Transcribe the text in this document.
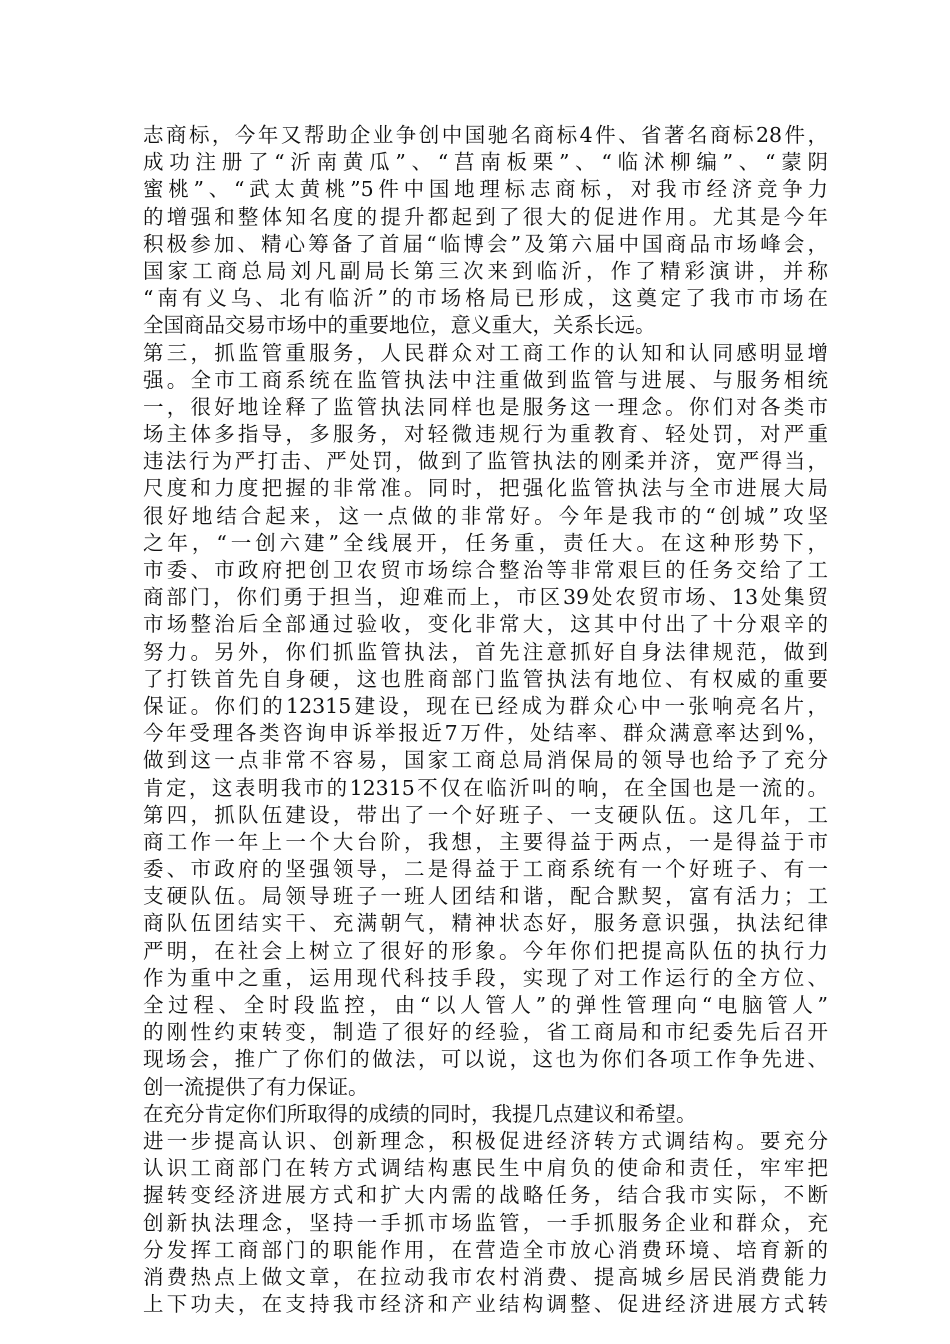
志商标，今年又帮助企业争创中国驰名商标4件、省著名商标28件，
成功注册了“沂南黄瓜”、“莒南板栗”、“临沭柳编”、“蒙阴
蜜桃”、“武太黄桃”5件中国地理标志商标，对我市经济竞争力
的增强和整体知名度的提升都起到了很大的促进作用。尤其是今年
积极参加、精心筹备了首届“临博会”及第六届中国商品市场峰会，
国家工商总局刘凡副局长第三次来到临沂，作了精彩演讲，并称
“南有义乌、北有临沂”的市场格局已形成，这奠定了我市市场在
全国商品交易市场中的重要地位，意义重大，关系长远。
第三，抓监管重服务，人民群众对工商工作的认知和认同感明显增
强。全市工商系统在监管执法中注重做到监管与进展、与服务相统
一，很好地诠释了监管执法同样也是服务这一理念。你们对各类市
场主体多指导，多服务，对轻微违规行为重教育、轻处罚，对严重
违法行为严打击、严处罚，做到了监管执法的刚柔并济，宽严得当，
尺度和力度把握的非常准。同时，把强化监管执法与全市进展大局
很好地结合起来，这一点做的非常好。今年是我市的“创城”攻坚
之年，“一创六建”全线展开，任务重，责任大。在这种形势下，
市委、市政府把创卫农贸市场综合整治等非常艰巨的任务交给了工
商部门，你们勇于担当，迎难而上，市区39处农贸市场、13处集贸
市场整治后全部通过验收，变化非常大，这其中付出了十分艰辛的
努力。另外，你们抓监管执法，首先注意抓好自身法律规范，做到
了打铁首先自身硬，这也胜商部门监管执法有地位、有权威的重要
保证。你们的12315建设，现在已经成为群众心中一张响亮名片，
今年受理各类咨询申诉举报近7万件，处结率、群众满意率达到%，
做到这一点非常不容易，国家工商总局消保局的领导也给予了充分
肯定，这表明我市的12315不仅在临沂叫的响，在全国也是一流的。
第四，抓队伍建设，带出了一个好班子、一支硬队伍。这几年，工
商工作一年上一个大台阶，我想，主要得益于两点，一是得益于市
委、市政府的坚强领导，二是得益于工商系统有一个好班子、有一
支硬队伍。局领导班子一班人团结和谐，配合默契，富有活力；工
商队伍团结实干、充满朝气，精神状态好，服务意识强，执法纪律
严明，在社会上树立了很好的形象。今年你们把提高队伍的执行力
作为重中之重，运用现代科技手段，实现了对工作运行的全方位、
全过程、全时段监控，由“以人管人”的弹性管理向“电脑管人”
的刚性约束转变，制造了很好的经验，省工商局和市纪委先后召开
现场会，推广了你们的做法，可以说，这也为你们各项工作争先进、
创一流提供了有力保证。
在充分肯定你们所取得的成绩的同时，我提几点建议和希望。
进一步提高认识、创新理念，积极促进经济转方式调结构。要充分
认识工商部门在转方式调结构惠民生中肩负的使命和责任，牢牢把
握转变经济进展方式和扩大内需的战略任务，结合我市实际，不断
创新执法理念，坚持一手抓市场监管，一手抓服务企业和群众，充
分发挥工商部门的职能作用，在营造全市放心消费环境、培育新的
消费热点上做文章，在拉动我市农村消费、提高城乡居民消费能力
上下功夫，在支持我市经济和产业结构调整、促进经济进展方式转
